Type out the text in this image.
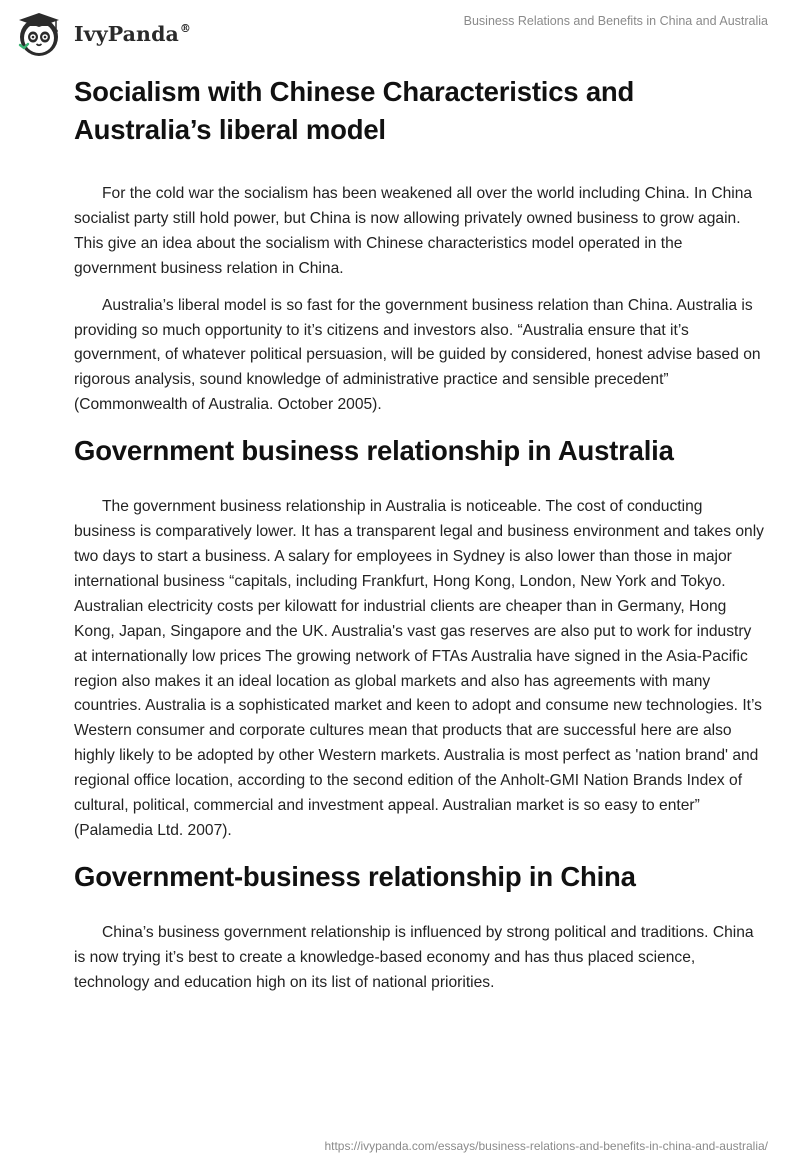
IvyPanda®
Business Relations and Benefits in China and Australia
Socialism with Chinese Characteristics and Australia’s liberal model

For the cold war the socialism has been weakened all over the world including China. In China socialist party still hold power, but China is now allowing privately owned business to grow again. This give an idea about the socialism with Chinese characteristics model operated in the government business relation in China.

Australia’s liberal model is so fast for the government business relation than China. Australia is providing so much opportunity to it’s citizens and investors also. “Australia ensure that it’s government, of whatever political persuasion, will be guided by considered, honest advise based on rigorous analysis, sound knowledge of administrative practice and sensible precedent” (Commonwealth of Australia. October 2005).

Government business relationship in Australia

The government business relationship in Australia is noticeable. The cost of conducting business is comparatively lower. It has a transparent legal and business environment and takes only two days to start a business. A salary for employees in Sydney is also lower than those in major international business “capitals, including Frankfurt, Hong Kong, London, New York and Tokyo. Australian electricity costs per kilowatt for industrial clients are cheaper than in Germany, Hong Kong, Japan, Singapore and the UK. Australia's vast gas reserves are also put to work for industry at internationally low prices The growing network of FTAs Australia have signed in the Asia-Pacific region also makes it an ideal location as global markets and also has agreements with many countries. Australia is a sophisticated market and keen to adopt and consume new technologies. It’s Western consumer and corporate cultures mean that products that are successful here are also highly likely to be adopted by other Western markets. Australia is most perfect as 'nation brand' and regional office location, according to the second edition of the Anholt-GMI Nation Brands Index of cultural, political, commercial and investment appeal. Australian market is so easy to enter” (Palamedia Ltd. 2007).

Government-business relationship in China

China’s business government relationship is influenced by strong political and traditions. China is now trying it’s best to create a knowledge-based economy and has thus placed science, technology and education high on its list of national priorities.

https://ivypanda.com/essays/business-relations-and-benefits-in-china-and-australia/
